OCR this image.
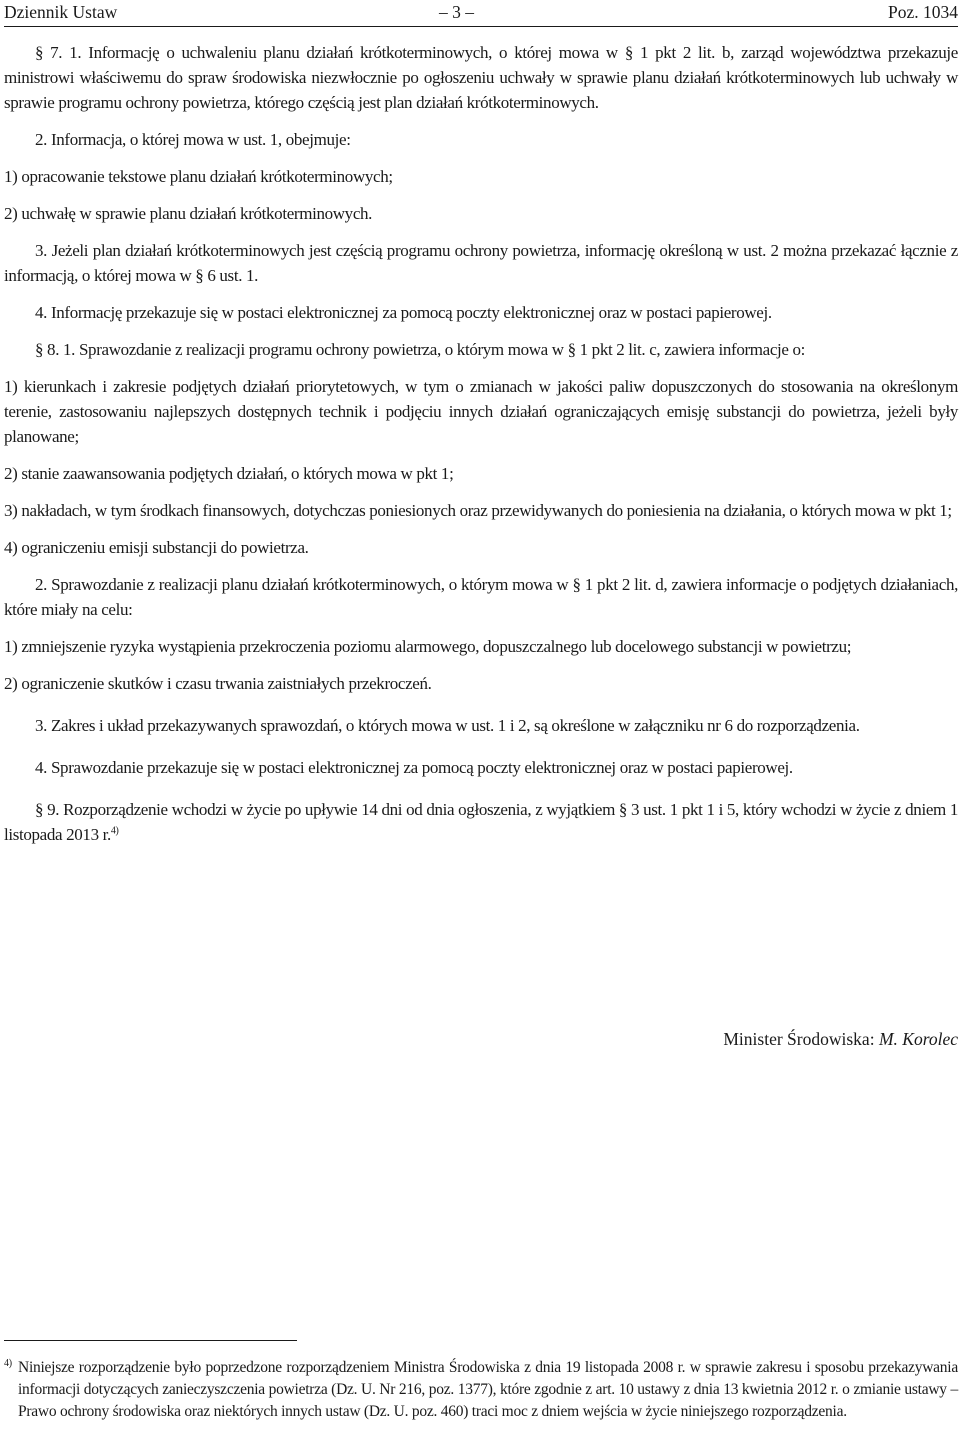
Dziennik Ustaw	– 3 –	Poz. 1034

§ 7. 1. Informację o uchwaleniu planu działań krótkoterminowych, o której mowa w § 1 pkt 2 lit. b, zarząd województwa przekazuje ministrowi właściwemu do spraw środowiska niezwłocznie po ogłoszeniu uchwały w sprawie planu działań krótkoterminowych lub uchwały w sprawie programu ochrony powietrza, którego częścią jest plan działań krótkoterminowych.

2. Informacja, o której mowa w ust. 1, obejmuje:

1) opracowanie tekstowe planu działań krótkoterminowych;

2) uchwałę w sprawie planu działań krótkoterminowych.

3. Jeżeli plan działań krótkoterminowych jest częścią programu ochrony powietrza, informację określoną w ust. 2 można przekazać łącznie z informacją, o której mowa w § 6 ust. 1.

4. Informację przekazuje się w postaci elektronicznej za pomocą poczty elektronicznej oraz w postaci papierowej.

§ 8. 1. Sprawozdanie z realizacji programu ochrony powietrza, o którym mowa w § 1 pkt 2 lit. c, zawiera informacje o:

1) kierunkach i zakresie podjętych działań priorytetowych, w tym o zmianach w jakości paliw dopuszczonych do stosowania na określonym terenie, zastosowaniu najlepszych dostępnych technik i podjęciu innych działań ograniczających emisję substancji do powietrza, jeżeli były planowane;

2) stanie zaawansowania podjętych działań, o których mowa w pkt 1;

3) nakładach, w tym środkach finansowych, dotychczas poniesionych oraz przewidywanych do poniesienia na działania, o których mowa w pkt 1;

4) ograniczeniu emisji substancji do powietrza.

2. Sprawozdanie z realizacji planu działań krótkoterminowych, o którym mowa w § 1 pkt 2 lit. d, zawiera informacje o podjętych działaniach, które miały na celu:

1) zmniejszenie ryzyka wystąpienia przekroczenia poziomu alarmowego, dopuszczalnego lub docelowego substancji w powietrzu;

2) ograniczenie skutków i czasu trwania zaistniałych przekroczeń.

3. Zakres i układ przekazywanych sprawozdań, o których mowa w ust. 1 i 2, są określone w załączniku nr 6 do rozporządzenia.

4. Sprawozdanie przekazuje się w postaci elektronicznej za pomocą poczty elektronicznej oraz w postaci papierowej.

§ 9. Rozporządzenie wchodzi w życie po upływie 14 dni od dnia ogłoszenia, z wyjątkiem § 3 ust. 1 pkt 1 i 5, który wchodzi w życie z dniem 1 listopada 2013 r.$^{4)}$

Minister Środowiska: M. Korolec
4) Niniejsze rozporządzenie było poprzedzone rozporządzeniem Ministra Środowiska z dnia 19 listopada 2008 r. w sprawie zakresu i sposobu przekazywania informacji dotyczących zanieczyszczenia powietrza (Dz. U. Nr 216, poz. 1377), które zgodnie z art. 10 ustawy z dnia 13 kwietnia 2012 r. o zmianie ustawy – Prawo ochrony środowiska oraz niektórych innych ustaw (Dz. U. poz. 460) traci moc z dniem wejścia w życie niniejszego rozporządzenia.
